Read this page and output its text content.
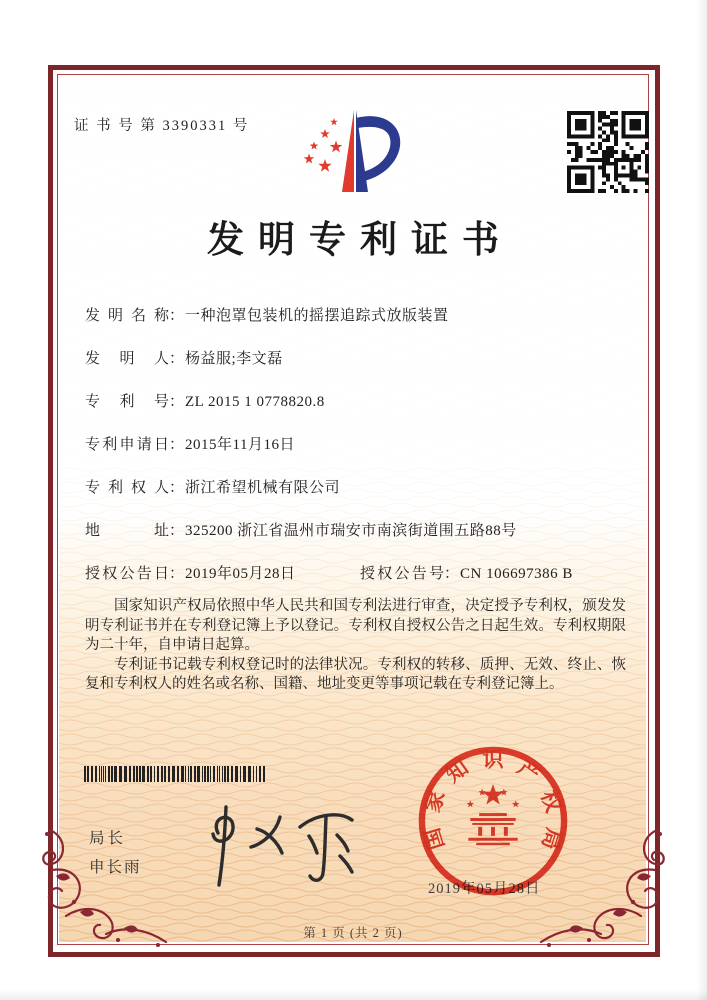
证 书 号 第 3390331 号
发明专利证书
发明名称：一种泡罩包装机的摇摆追踪式放版装置
发明人：杨益服;李文磊
专利号：ZL 2015 1 0778820.8
专利申请日：2015年11月16日
专利权人：浙江希望机械有限公司
地址：325200 浙江省温州市瑞安市南滨街道围五路88号
授权公告日：2019年05月28日	授权公告号：CN 106697386 B

国家知识产权局依照中华人民共和国专利法进行审查，决定授予专利权，颁发发明专利证书并在专利登记簿上予以登记。专利权自授权公告之日起生效。专利权期限为二十年，自申请日起算。

专利证书记载专利权登记时的法律状况。专利权的转移、质押、无效、终止、恢复和专利权人的姓名或名称、国籍、地址变更等事项记载在专利登记簿上。

局长
申长雨
2019年05月28日
国
家
知 识 产
权
局
第 1 页 (共 2 页)
